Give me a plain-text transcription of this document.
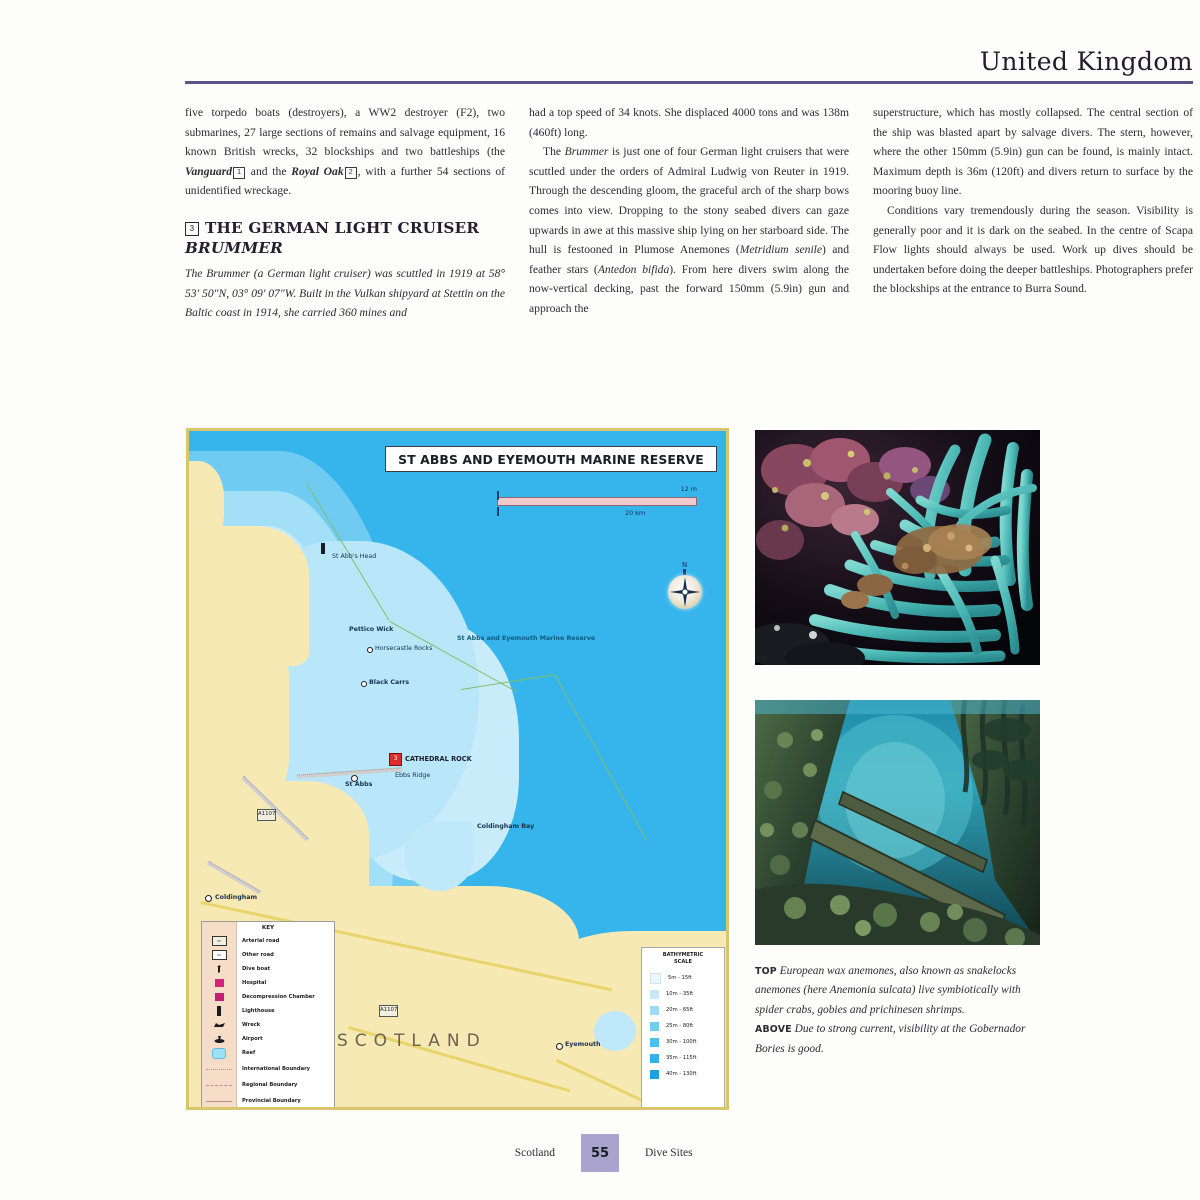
United Kingdom

five torpedo boats (destroyers), a WW2 destroyer (F2), two submarines, 27 large sections of remains and salvage equipment, 16 known British wrecks, 32 blockships and two battleships (the Vanguard 1 and the Royal Oak 2 , with a further 54 sections of unidentified wreckage.

3 THE GERMAN LIGHT CRUISER
BRUMMER

The Brummer (a German light cruiser) was scuttled in 1919 at 58° 53' 50"N, 03° 09' 07"W. Built in the Vulkan shipyard at Stettin on the Baltic coast in 1914, she carried 360 mines and

had a top speed of 34 knots. She displaced 4000 tons and was 138m (460ft) long.

The Brummer is just one of four German light cruisers that were scuttled under the orders of Admiral Ludwig von Reuter in 1919. Through the descending gloom, the graceful arch of the sharp bows comes into view. Dropping to the stony seabed divers can gaze upwards in awe at this massive ship lying on her starboard side. The hull is festooned in Plumose Anemones (Metridium senile) and feather stars (Antedon bifida). From here divers swim along the now-vertical decking, past the forward 150mm (5.9in) gun and approach the

superstructure, which has mostly collapsed. The central section of the ship was blasted apart by salvage divers. The stern, however, where the other 150mm (5.9in) gun can be found, is mainly intact. Maximum depth is 36m (120ft) and divers return to surface by the mooring buoy line.

Conditions vary tremendously during the season. Visibility is generally poor and it is dark on the seabed. In the centre of Scapa Flow lights should always be used. Work up dives should be undertaken before doing the deeper battleships. Photographers prefer the blockships at the entrance to Burra Sound.

A1107
A1107
ST ABBS AND EYEMOUTH MARINE RESERVE
12 m
20 km
N
St Abb's Head
Pettico Wick
Horsecastle Rocks
Black Carrs
St Abbs and Eyemouth Marine Reserve
3	CATHEDRAL ROCK
Ebbs Ridge
St Abbs
Coldingham Bay
Coldingham
Eyemouth
SCOTLAND
KEY
▭	Arterial road
▭	Other road
Dive boat
Hospital
Decompression Chamber
Lighthouse
Wreck
Airport
Reef
International Boundary
Regional Boundary
Provincial Boundary
BATHYMETRIC
SCALE
5m - 15ft
10m - 35ft
20m - 65ft
25m - 80ft
30m - 100ft
35m - 115ft
40m - 130ft
TOP European wax anemones, also known as snakelocks anemones (here Anemonia sulcata) live symbiotically with spider crabs, gobies and prichinesen shrimps.
ABOVE Due to strong current, visibility at the Gobernador Bories is good.
Scotland	55	Dive Sites
